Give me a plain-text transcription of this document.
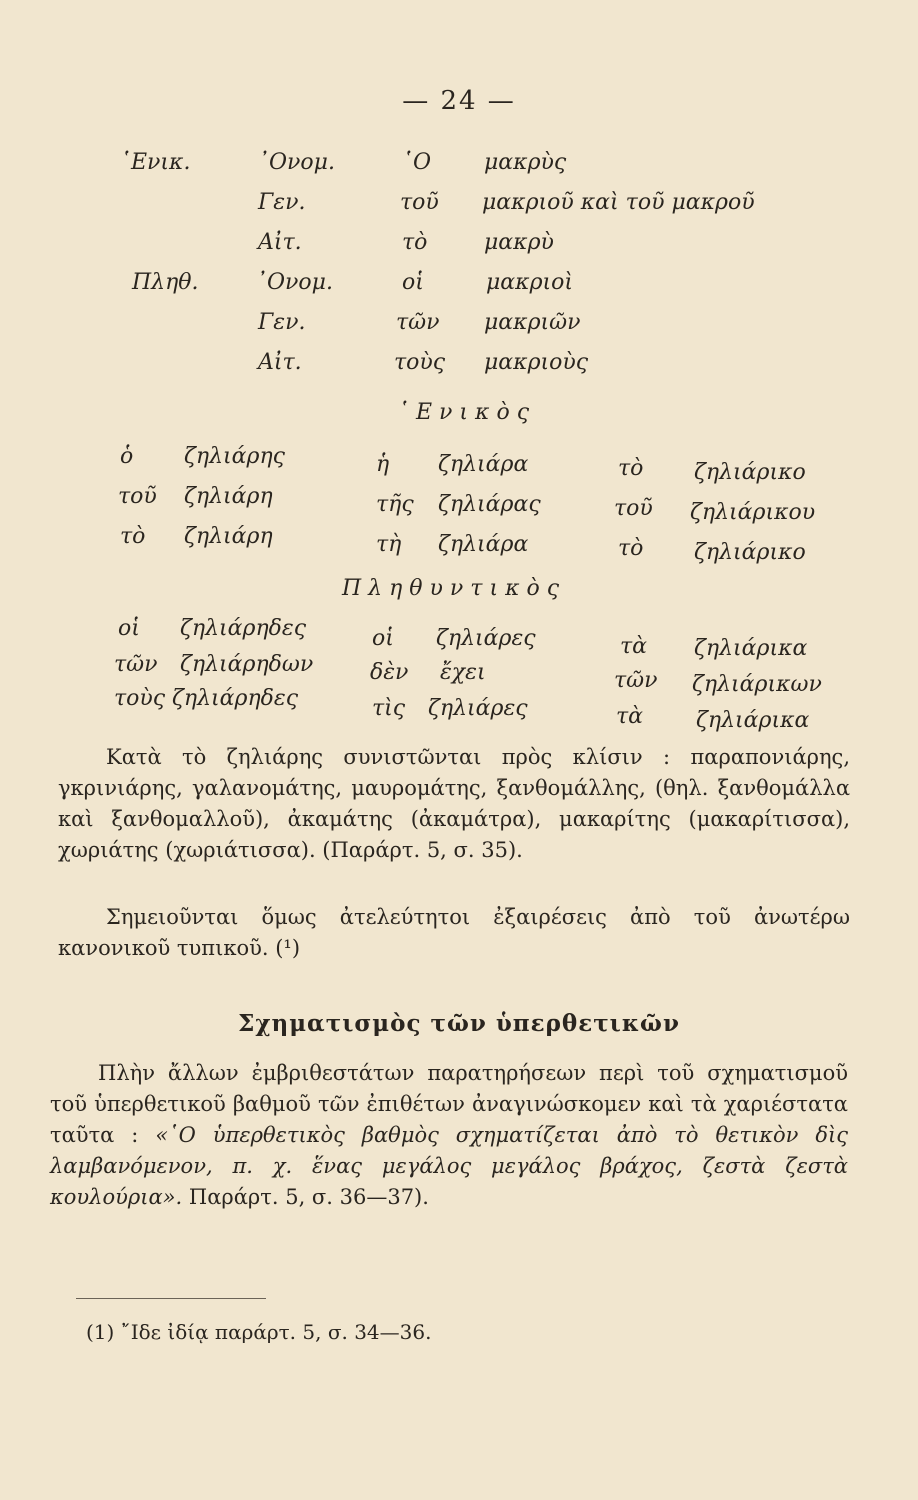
— 24 —
῾Ενικ.	᾿Ονομ.	῾Ο μακρὺς
Γεν.	τοῦ μακριοῦ καὶ τοῦ μακροῦ
Αἰτ.	τὸ	μακρὺ
Πληθ.	᾿Ονομ.	οἱ	μακριοὶ
Γεν.	τῶν μακριῶν
Αἰτ.	τοὺς μακριοὺς
῾Ενικὸς
ὁ ζηλιάρης	ἡ ζηλιάρα	τὸ ζηλιάρικο
τοῦ ζηλιάρη	τῆς ζηλιάρας	τοῦ ζηλιάρικου
τὸ ζηλιάρη	τὴ ζηλιάρα	τὸ ζηλιάρικο
Πληθυντικὸς
οἱ ζηλιάρηδες	οἱ ζηλιάρες	τὰ ζηλιάρικα
τῶν ζηλιάρηδων	δὲν ἔχει	τῶν ζηλιάρικων
τοὺς ζηλιάρηδες	τὶς ζηλιάρες	τὰ ζηλιάρικα

Κατὰ τὸ ζηλιάρης συνιστῶνται πρὸς κλίσιν : παραπονιάρης, γκρινιάρης, γαλανομάτης, μαυρομάτης, ξανθομάλλης, (θηλ. ξανθομάλλα καὶ ξανθομαλλοῦ), ἀκαμάτης (ἀκαμάτρα), μακαρίτης (μακαρίτισσα), χωριάτης (χωριάτισσα). (Παράρτ. 5, σ. 35).

Σημειοῦνται ὅμως ἀτελεύτητοι ἐξαιρέσεις ἀπὸ τοῦ ἀνωτέρω κανονικοῦ τυπικοῦ. (¹)

Σχηματισμὸς τῶν ὑπερθετικῶν

Πλὴν ἄλλων ἐμβριθεστάτων παρατηρήσεων περὶ τοῦ σχηματισμοῦ τοῦ ὑπερθετικοῦ βαθμοῦ τῶν ἐπιθέτων ἀναγινώσκομεν καὶ τὰ χαριέστατα ταῦτα : «῾Ο ὑπερθετικὸς βαθμὸς σχηματίζεται ἀπὸ τὸ θετικὸν δὶς λαμβανόμενον, π. χ. ἕνας μεγάλος μεγάλος βράχος, ζεστὰ ζεστὰ κουλούρια». Παράρτ. 5, σ. 36—37).

(1) ῎Ιδε ἰδίᾳ παράρτ. 5, σ. 34—36.
